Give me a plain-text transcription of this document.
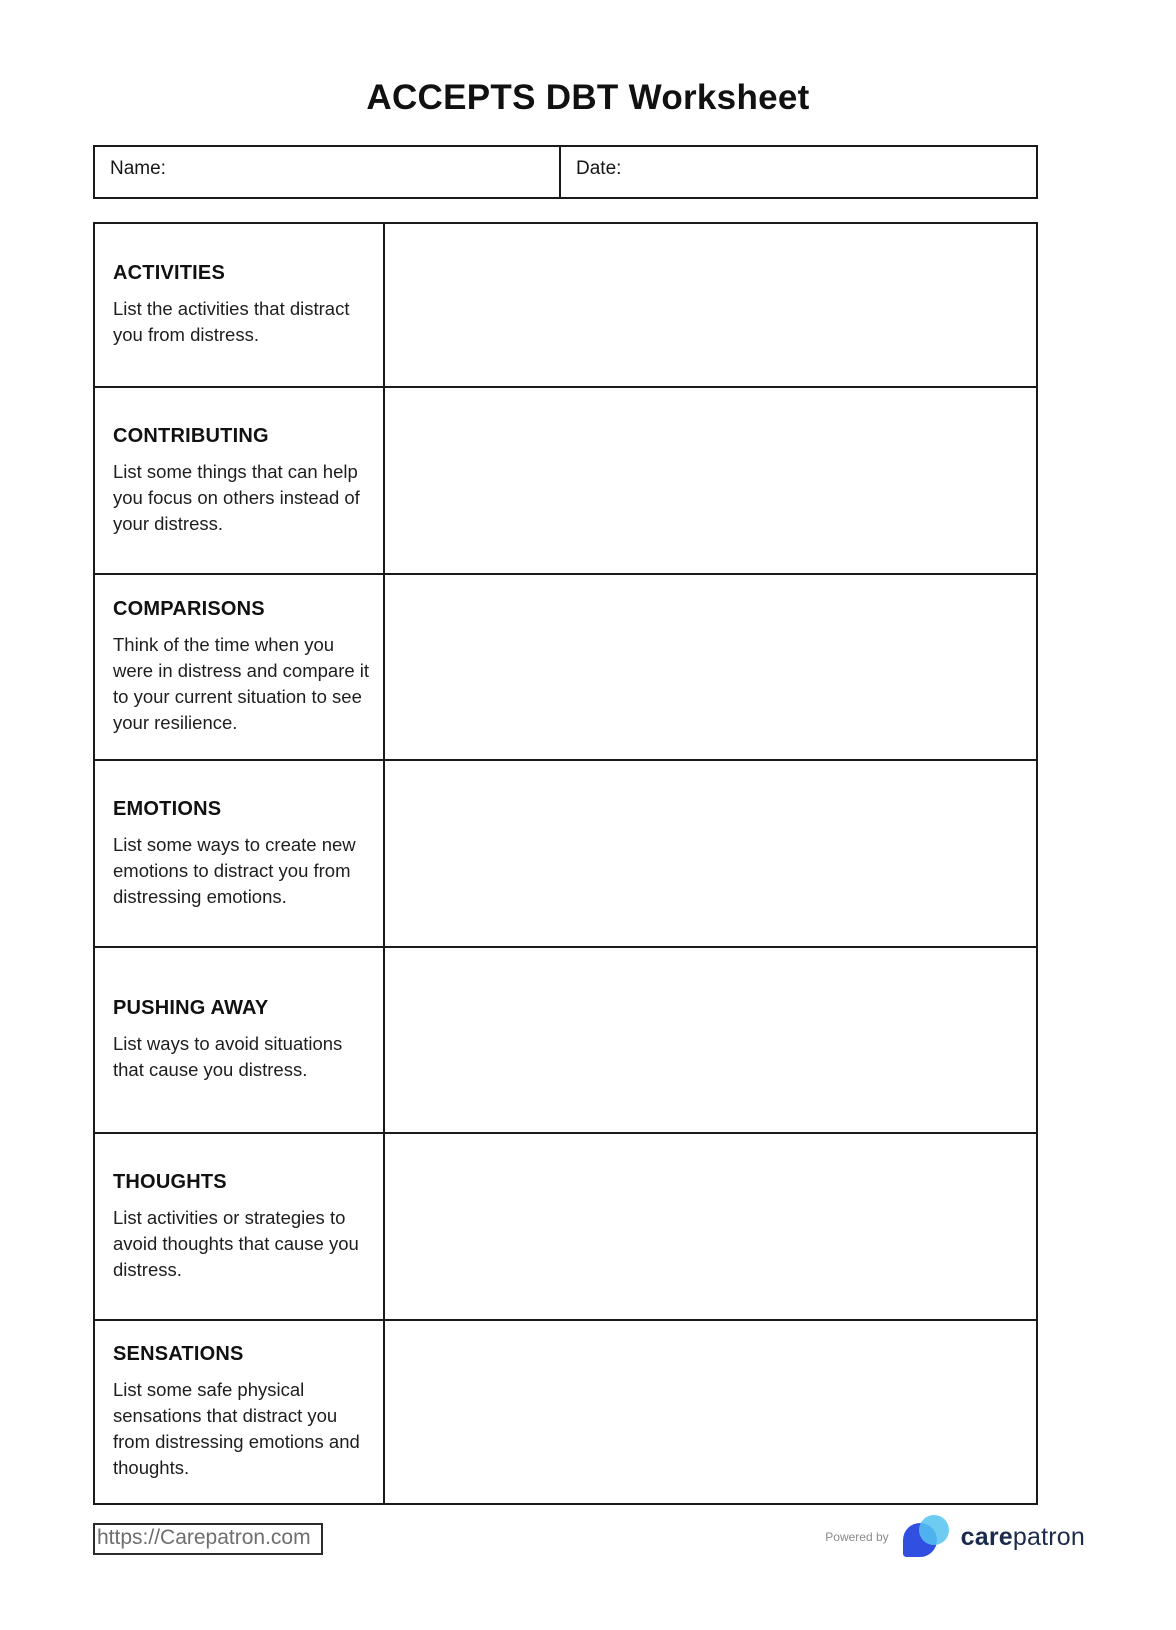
ACCEPTS DBT Worksheet
Name:	Date:
ACTIVITIES

List the activities that distract you from distress.

CONTRIBUTING

List some things that can help you focus on others instead of your distress.

COMPARISONS

Think of the time when you were in distress and compare it to your current situation to see your resilience.

EMOTIONS

List some ways to create new emotions to distract you from distressing emotions.

PUSHING AWAY

List ways to avoid situations that cause you distress.

THOUGHTS

List activities or strategies to avoid thoughts that cause you distress.

SENSATIONS

List some safe physical sensations that distract you from distressing emotions and thoughts.

https://Carepatron.com	Powered by	carepatron
